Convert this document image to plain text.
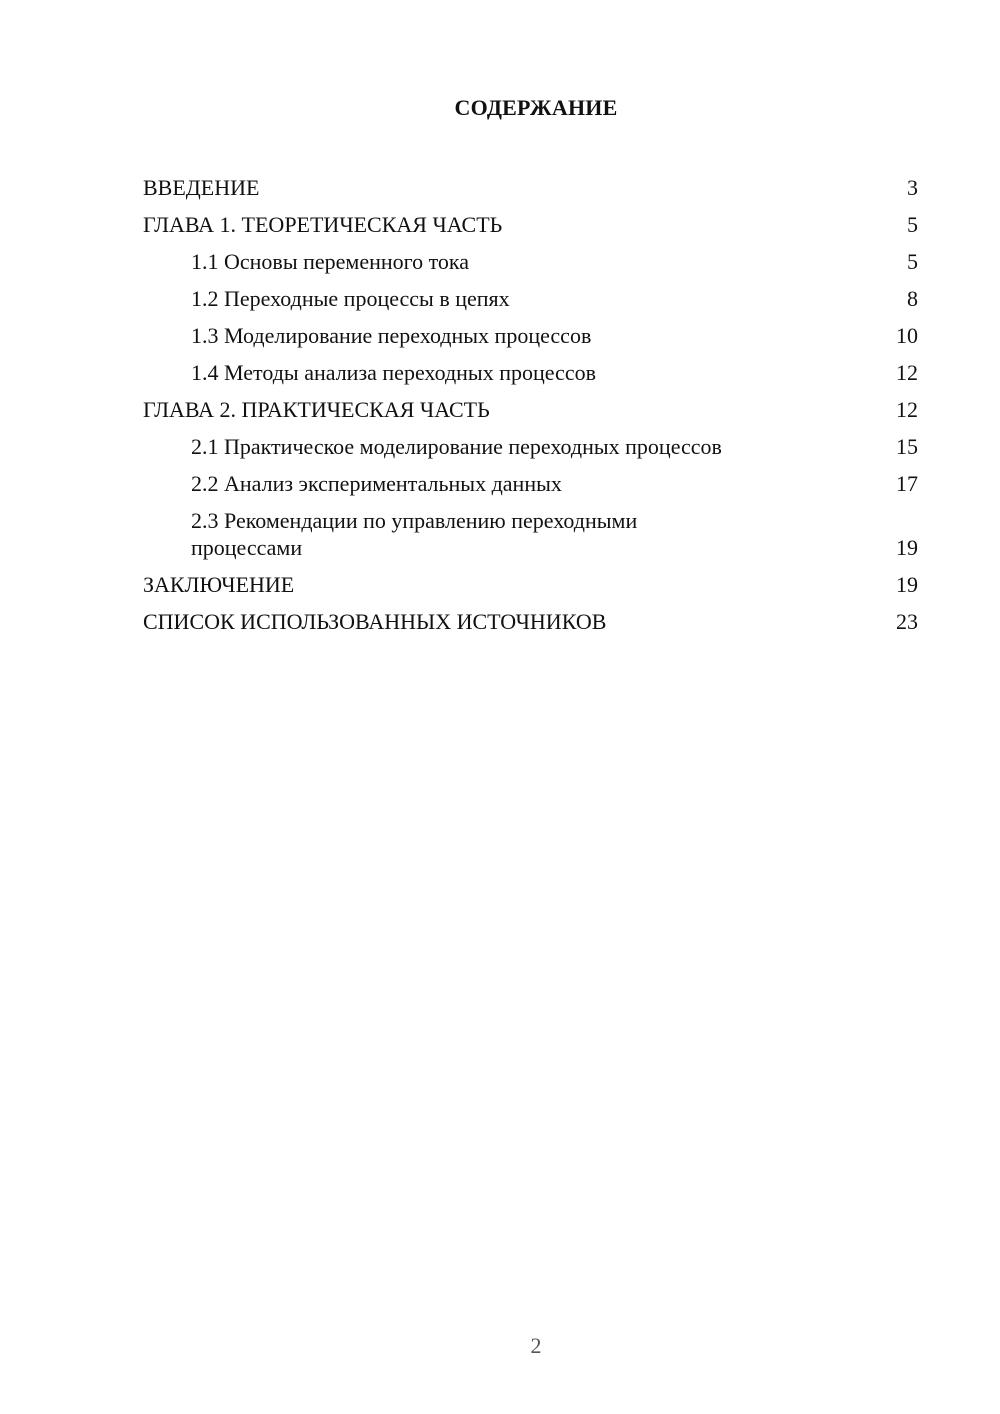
СОДЕРЖАНИЕ
ВВЕДЕНИЕ	3
ГЛАВА 1. ТЕОРЕТИЧЕСКАЯ ЧАСТЬ	5
1.1 Основы переменного тока	5
1.2 Переходные процессы в цепях	8
1.3 Моделирование переходных процессов	10
1.4 Методы анализа переходных процессов	12
ГЛАВА 2. ПРАКТИЧЕСКАЯ ЧАСТЬ	12
2.1 Практическое моделирование переходных процессов	15
2.2 Анализ экспериментальных данных	17
2.3 Рекомендации по управлению переходными процессами	19
ЗАКЛЮЧЕНИЕ	19
СПИСОК ИСПОЛЬЗОВАННЫХ ИСТОЧНИКОВ	23
2
